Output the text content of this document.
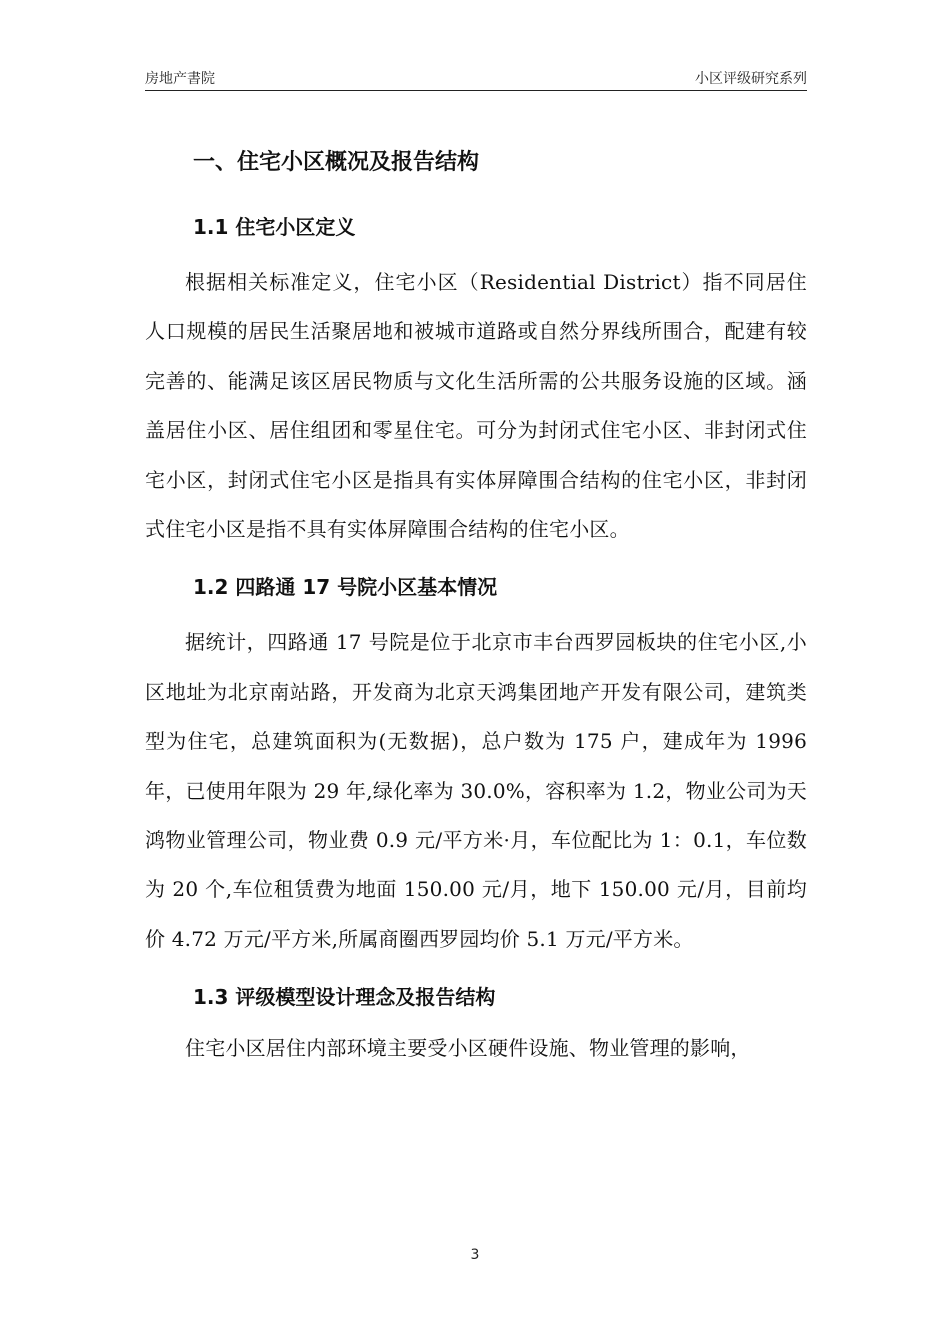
房地产書院	小区评级研究系列
一、住宅小区概况及报告结构
1.1 住宅小区定义

根据相关标准定义，住宅小区（Residential District）指不同居住人口规模的居民生活聚居地和被城市道路或自然分界线所围合，配建有较完善的、能满足该区居民物质与文化生活所需的公共服务设施的区域。涵盖居住小区、居住组团和零星住宅。可分为封闭式住宅小区、非封闭式住宅小区，封闭式住宅小区是指具有实体屏障围合结构的住宅小区，非封闭式住宅小区是指不具有实体屏障围合结构的住宅小区。

1.2 四路通 17 号院小区基本情况

据统计，四路通 17 号院是位于北京市丰台西罗园板块的住宅小区,小区地址为北京南站路，开发商为北京天鸿集团地产开发有限公司，建筑类型为住宅，总建筑面积为(无数据)，总户数为 175 户，建成年为 1996 年，已使用年限为 29 年,绿化率为 30.0%，容积率为 1.2，物业公司为天鸿物业管理公司，物业费 0.9 元/平方米·月，车位配比为 1：0.1，车位数为 20 个,车位租赁费为地面 150.00 元/月，地下 150.00 元/月，目前均价 4.72 万元/平方米,所属商圈西罗园均价 5.1 万元/平方米。

1.3 评级模型设计理念及报告结构

住宅小区居住内部环境主要受小区硬件设施、物业管理的影响，

3
